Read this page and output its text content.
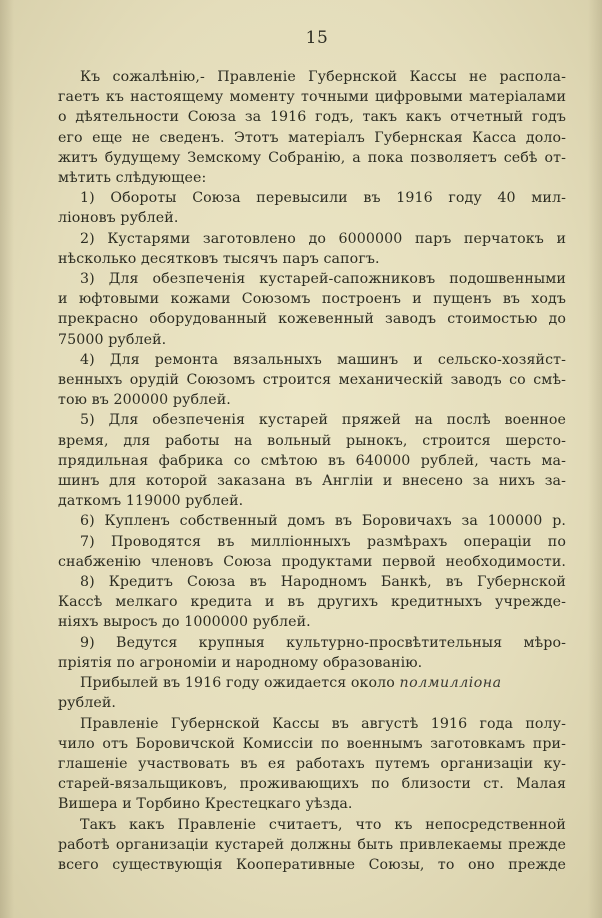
15
Къ сожалѣнію,- Правленіе Губернской Кассы не распола-
гаетъ къ настоящему моменту точными цифровыми матеріалами
о дѣятельности Союза за 1916 годъ, такъ какъ отчетный годъ
его еще не сведенъ. Этотъ матеріалъ Губернская Касса доло-
житъ будущему Земскому Собранію, а пока позволяетъ себѣ от-
мѣтить слѣдующее:
1) Обороты Союза перевысили въ 1916 году 40 мил-
ліоновъ рублей.
2) Кустарями заготовлено до 6000000 паръ перчатокъ и
нѣсколько десятковъ тысячъ паръ сапогъ.
3) Для обезпеченія кустарей-сапожниковъ подошвенными
и юфтовыми кожами Союзомъ построенъ и пущенъ въ ходъ
прекрасно оборудованный кожевенный заводъ стоимостью до
75000 рублей.
4) Для ремонта вязальныхъ машинъ и сельско-хозяйст-
венныхъ орудій Союзомъ строится механическій заводъ со смѣ-
тою въ 200000 рублей.
5) Для обезпеченія кустарей пряжей на послѣ военное
время, для работы на вольный рынокъ, строится шерсто-
прядильная фабрика со смѣтою въ 640000 рублей, часть ма-
шинъ для которой заказана въ Англіи и внесено за нихъ за-
даткомъ 119000 рублей.
6) Купленъ собственный домъ въ Боровичахъ за 100000 р.
7) Проводятся въ милліонныхъ размѣрахъ операціи по
снабженію членовъ Союза продуктами первой необходимости.
8) Кредитъ Союза въ Народномъ Банкѣ, въ Губернской
Кассѣ мелкаго кредита и въ другихъ кредитныхъ учрежде-
ніяхъ выросъ до 1000000 рублей.
9) Ведутся крупныя культурно-просвѣтительныя мѣро-
пріятія по агрономіи и народному образованію.
Прибылей въ 1916 году ожидается около полмилліона
рублей.
Правленіе Губернской Кассы въ августѣ 1916 года полу-
чило отъ Боровичской Комиссіи по военнымъ заготовкамъ при-
глашеніе участвовать въ ея работахъ путемъ организаціи ку-
старей-вязальщиковъ, проживающихъ по близости ст. Малая
Вишера и Торбино Крестецкаго уѣзда.
Такъ какъ Правленіе считаетъ, что къ непосредственной
работѣ организаціи кустарей должны быть привлекаемы прежде
всего существующія Кооперативные Союзы, то оно прежде
